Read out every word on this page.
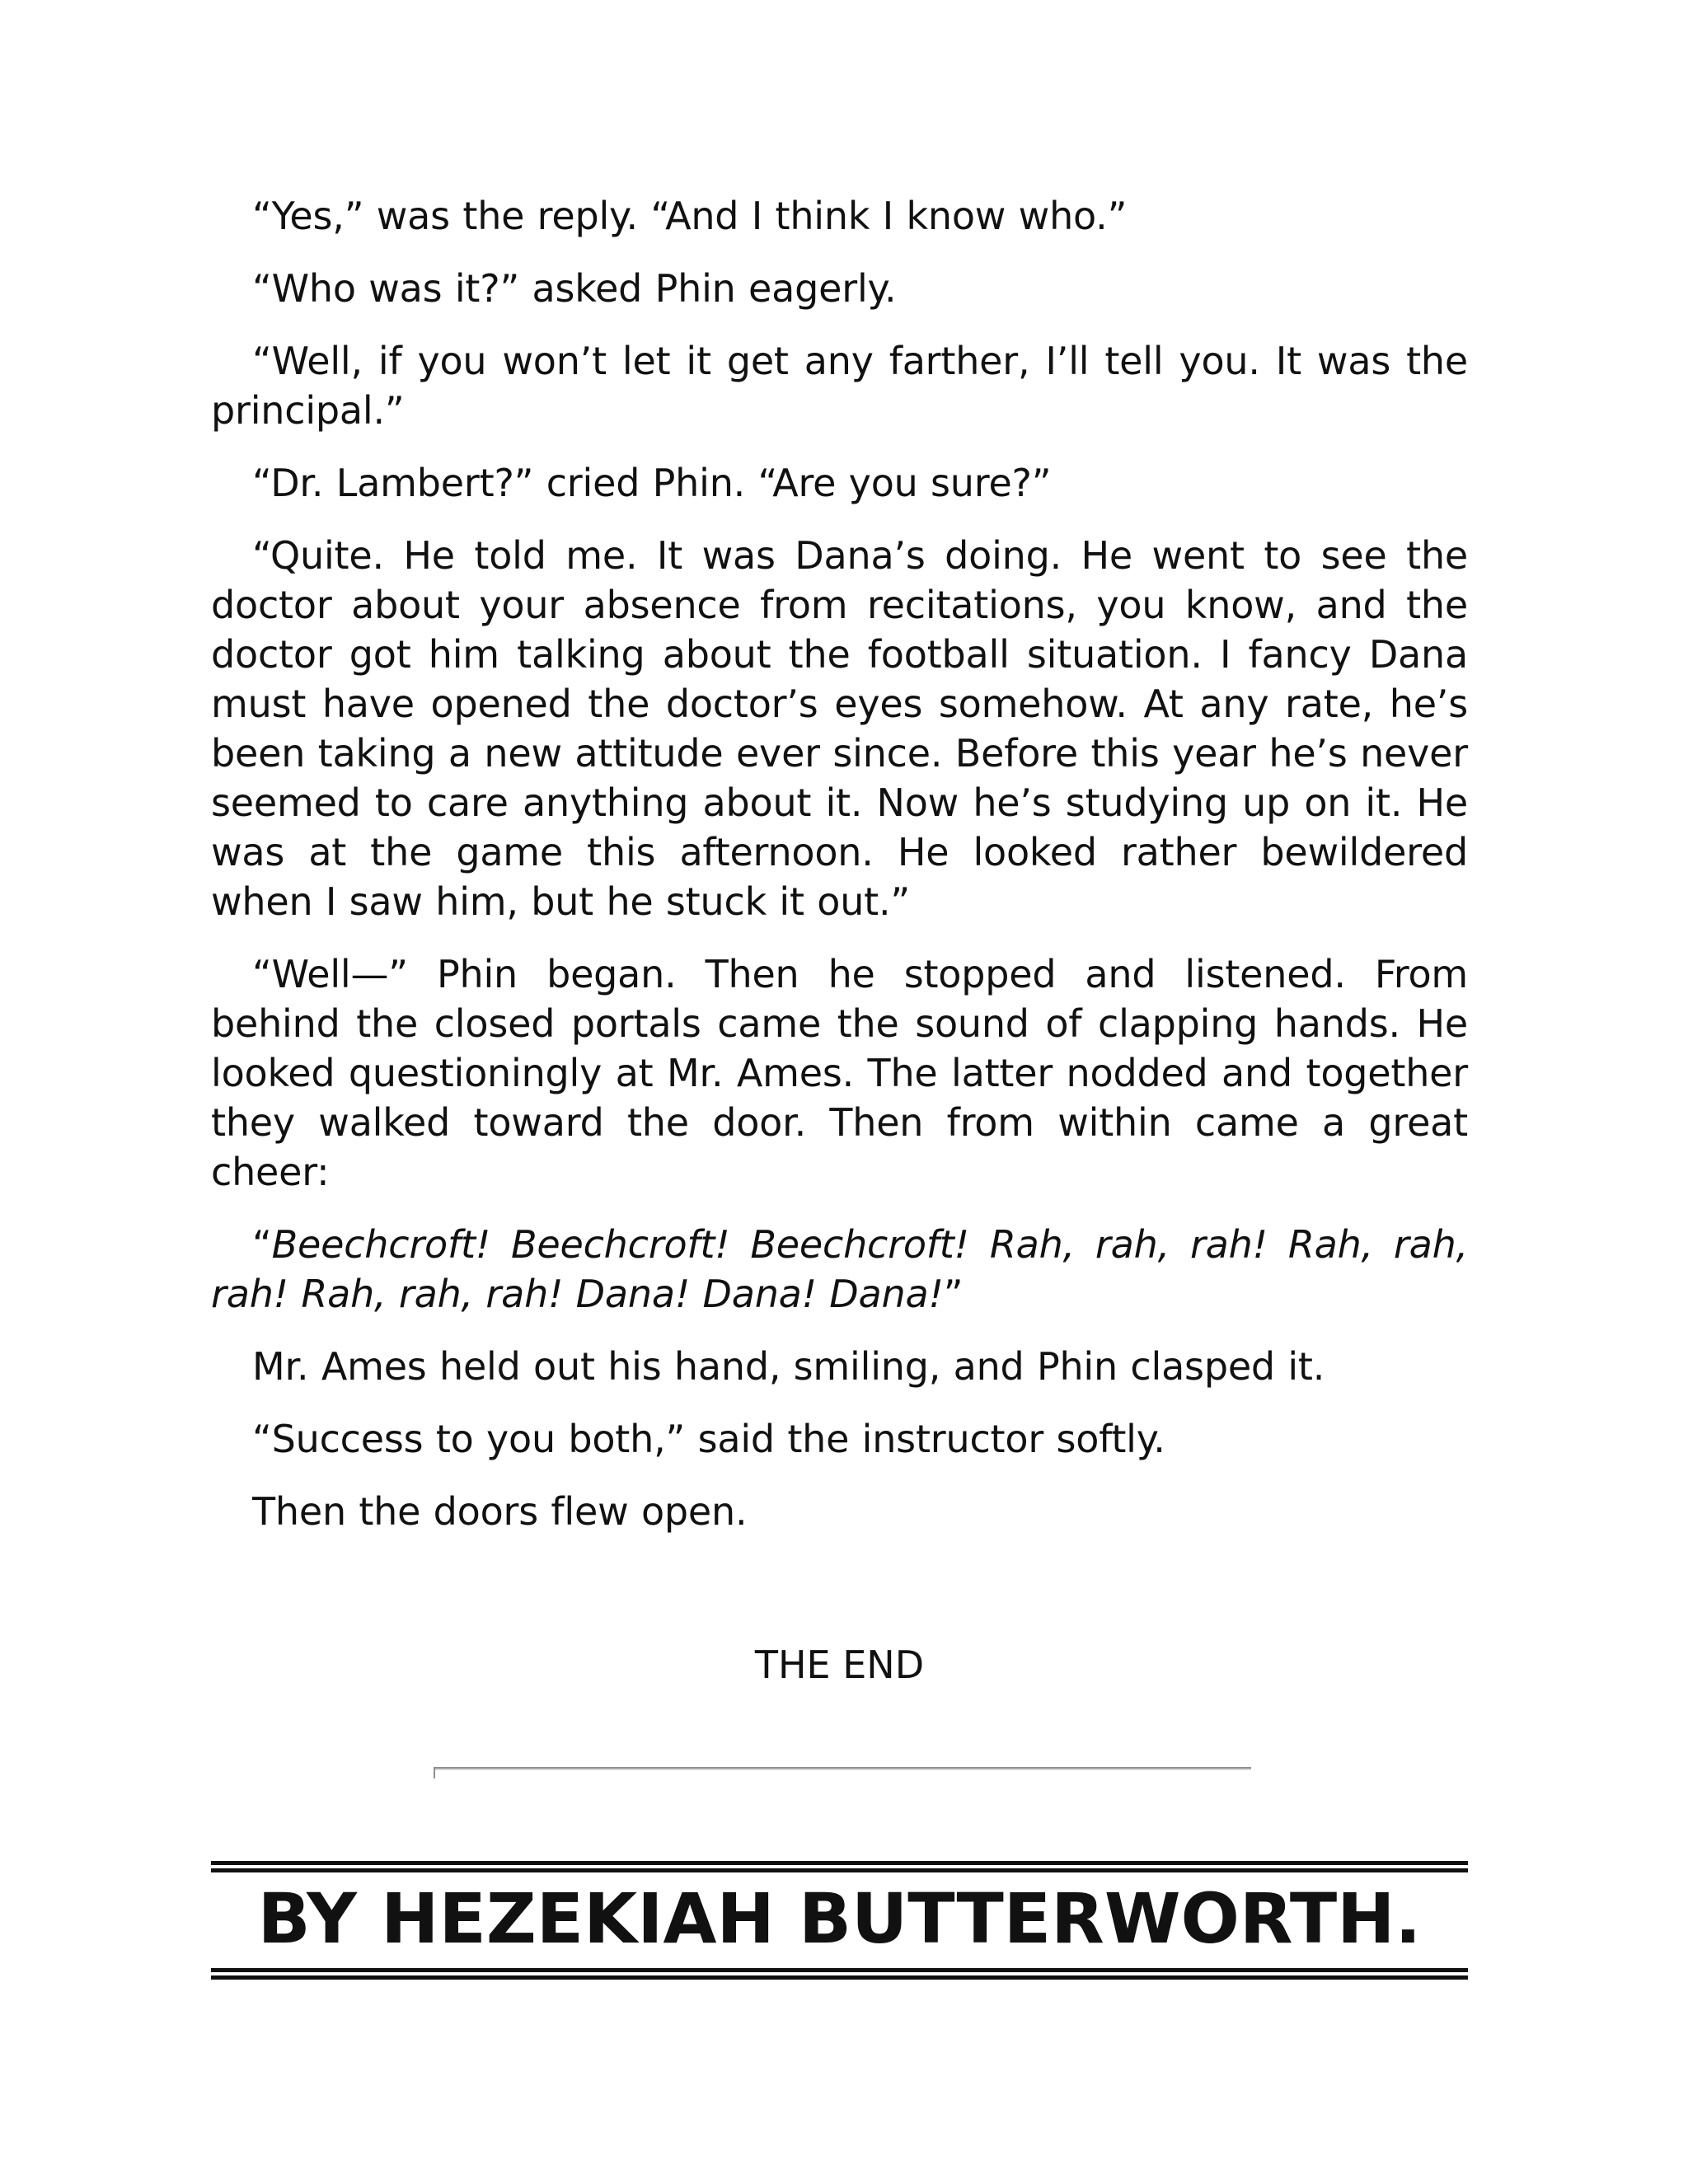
“Yes,” was the reply. “And I think I know who.”

“Who was it?” asked Phin eagerly.

“Well, if you won’t let it get any farther, I’ll tell you. It was the principal.”

“Dr. Lambert?” cried Phin. “Are you sure?”

“Quite. He told me. It was Dana’s doing. He went to see the doctor about your absence from recitations, you know, and the doctor got him talking about the football situation. I fancy Dana must have opened the doctor’s eyes somehow. At any rate, he’s been taking a new attitude ever since. Before this year he’s never seemed to care anything about it. Now he’s studying up on it. He was at the game this afternoon. He looked rather bewildered when I saw him, but he stuck it out.”

“Well—” Phin began. Then he stopped and listened. From behind the closed portals came the sound of clapping hands. He looked questioningly at Mr. Ames. The latter nodded and together they walked toward the door. Then from within came a great cheer:

“Beechcroft! Beechcroft! Beechcroft! Rah, rah, rah! Rah, rah, rah! Rah, rah, rah! Dana! Dana! Dana!”

Mr. Ames held out his hand, smiling, and Phin clasped it.

“Success to you both,” said the instructor softly.

Then the doors flew open.

THE END
BY HEZEKIAH BUTTERWORTH.
